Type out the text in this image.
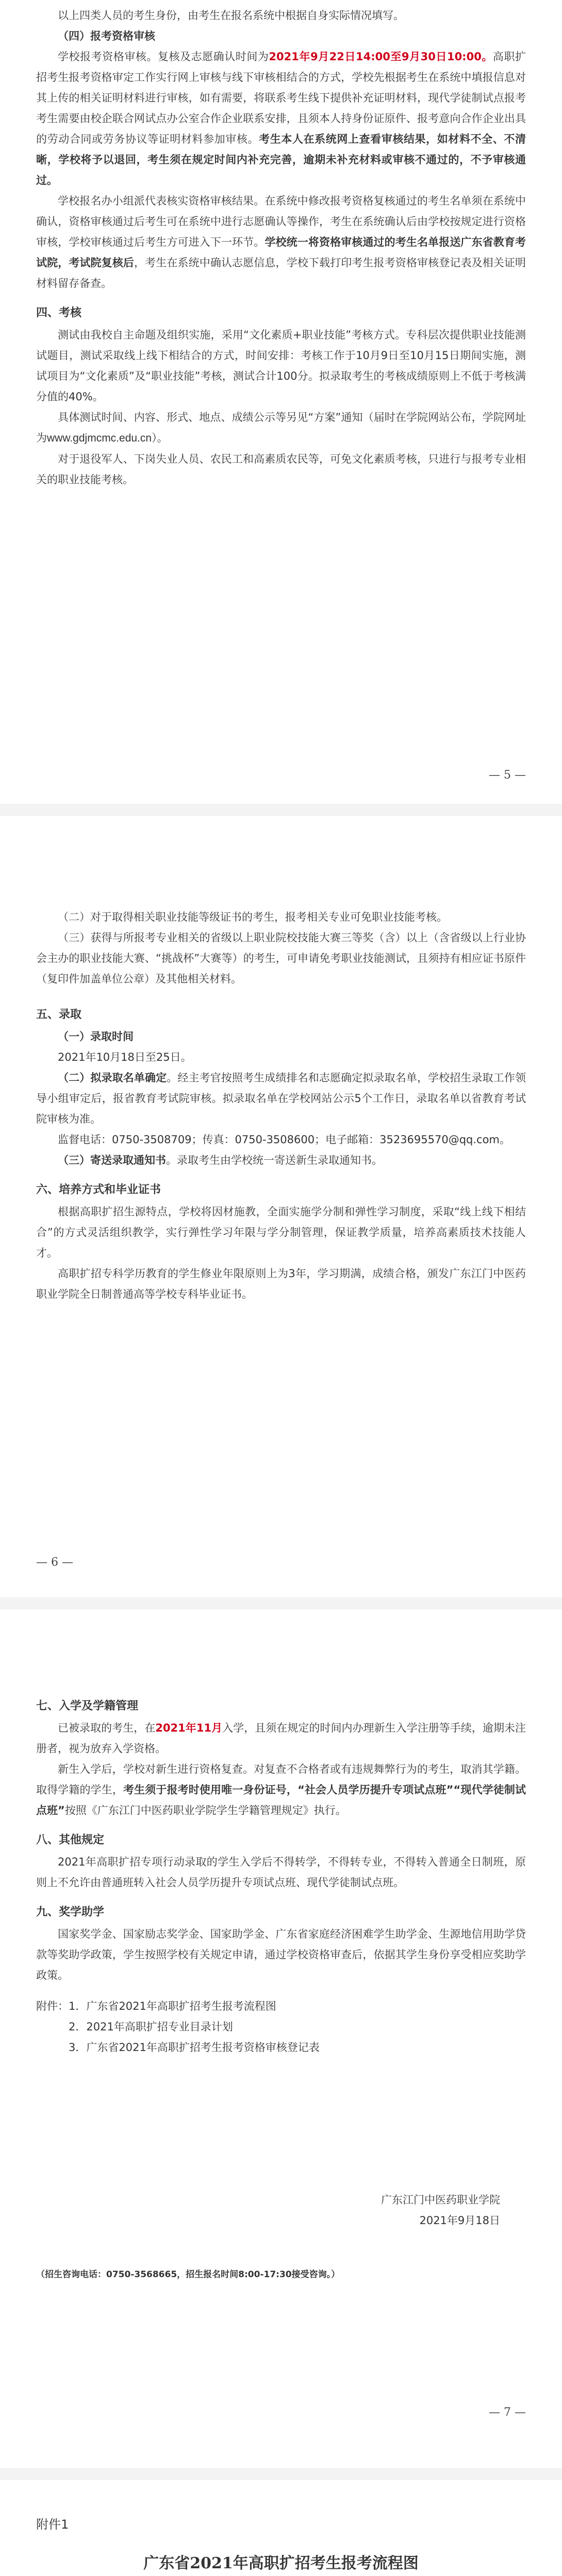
以上四类人员的考生身份，由考生在报名系统中根据自身实际情况填写。

（四）报考资格审核

学校报考资格审核。复核及志愿确认时间为2021年9月22日14:00至9月30日10:00。高职扩招考生报考资格审定工作实行网上审核与线下审核相结合的方式，学校先根据考生在系统中填报信息对其上传的相关证明材料进行审核，如有需要，将联系考生线下提供补充证明材料，现代学徒制试点报考考生需要由校企联合网试点办公室合作企业联系安排，且须本人持身份证原件、报考意向合作企业出具的劳动合同或劳务协议等证明材料参加审核。考生本人在系统网上查看审核结果，如材料不全、不清晰，学校将予以退回，考生须在规定时间内补充完善，逾期未补充材料或审核不通过的，不予审核通过。

学校报名办小组派代表核实资格审核结果。在系统中修改报考资格复核通过的考生名单须在系统中确认，资格审核通过后考生可在系统中进行志愿确认等操作，考生在系统确认后由学校按规定进行资格审核，学校审核通过后考生方可进入下一环节。学校统一将资格审核通过的考生名单报送广东省教育考试院，考试院复核后，考生在系统中确认志愿信息，学校下载打印考生报考资格审核登记表及相关证明材料留存备查。

四、考核

测试由我校自主命题及组织实施，采用“文化素质+职业技能”考核方式。专科层次提供职业技能测试题目，测试采取线上线下相结合的方式，时间安排：考核工作于10月9日至10月15日期间实施，测试项目为“文化素质”及“职业技能”考核，测试合计100分。拟录取考生的考核成绩原则上不低于考核满分值的40%。

具体测试时间、内容、形式、地点、成绩公示等另见“方案”通知（届时在学院网站公布，学院网址为www.gdjmcmc.edu.cn）。

对于退役军人、下岗失业人员、农民工和高素质农民等，可免文化素质考核，只进行与报考专业相关的职业技能考核。

— 5 —

（二）对于取得相关职业技能等级证书的考生，报考相关专业可免职业技能考核。

（三）获得与所报考专业相关的省级以上职业院校技能大赛三等奖（含）以上（含省级以上行业协会主办的职业技能大赛、“挑战杯”大赛等）的考生，可申请免考职业技能测试，且须持有相应证书原件（复印件加盖单位公章）及其他相关材料。

五、录取
（一）录取时间

2021年10月18日至25日。

（二）拟录取名单确定。经主考官按照考生成绩排名和志愿确定拟录取名单，学校招生录取工作领导小组审定后，报省教育考试院审核。拟录取名单在学校网站公示5个工作日，录取名单以省教育考试院审核为准。

监督电话：0750-3508709；传真：0750-3508600；电子邮箱：3523695570@qq.com。

（三）寄送录取通知书。录取考生由学校统一寄送新生录取通知书。

六、培养方式和毕业证书

根据高职扩招生源特点，学校将因材施教，全面实施学分制和弹性学习制度，采取“线上线下相结合”的方式灵活组织教学，实行弹性学习年限与学分制管理，保证教学质量，培养高素质技术技能人才。

高职扩招专科学历教育的学生修业年限原则上为3年，学习期满，成绩合格，颁发广东江门中医药职业学院全日制普通高等学校专科毕业证书。

— 6 —
七、入学及学籍管理

已被录取的考生，在2021年11月入学，且须在规定的时间内办理新生入学注册等手续，逾期未注册者，视为放弃入学资格。

新生入学后，学校对新生进行资格复查。对复查不合格者或有违规舞弊行为的考生，取消其学籍。取得学籍的学生，考生须于报考时使用唯一身份证号，“社会人员学历提升专项试点班”“现代学徒制试点班”按照《广东江门中医药职业学院学生学籍管理规定》执行。

八、其他规定

2021年高职扩招专项行动录取的学生入学后不得转学，不得转专业，不得转入普通全日制班，原则上不允许由普通班转入社会人员学历提升专项试点班、现代学徒制试点班。

九、奖学助学

国家奖学金、国家励志奖学金、国家助学金、广东省家庭经济困难学生助学金、生源地信用助学贷款等奖助学政策，学生按照学校有关规定申请，通过学校资格审查后，依据其学生身份享受相应奖助学政策。

附件：1．广东省2021年高职扩招考生报考流程图

2．2021年高职扩招专业目录计划

3．广东省2021年高职扩招考生报考资格审核登记表

广东江门中医药职业学院
2021年9月18日
（招生咨询电话：0750-3568665，招生报名时间8:00-17:30接受咨询。）
— 7 —
附件1
广东省2021年高职扩招考生报考流程图
